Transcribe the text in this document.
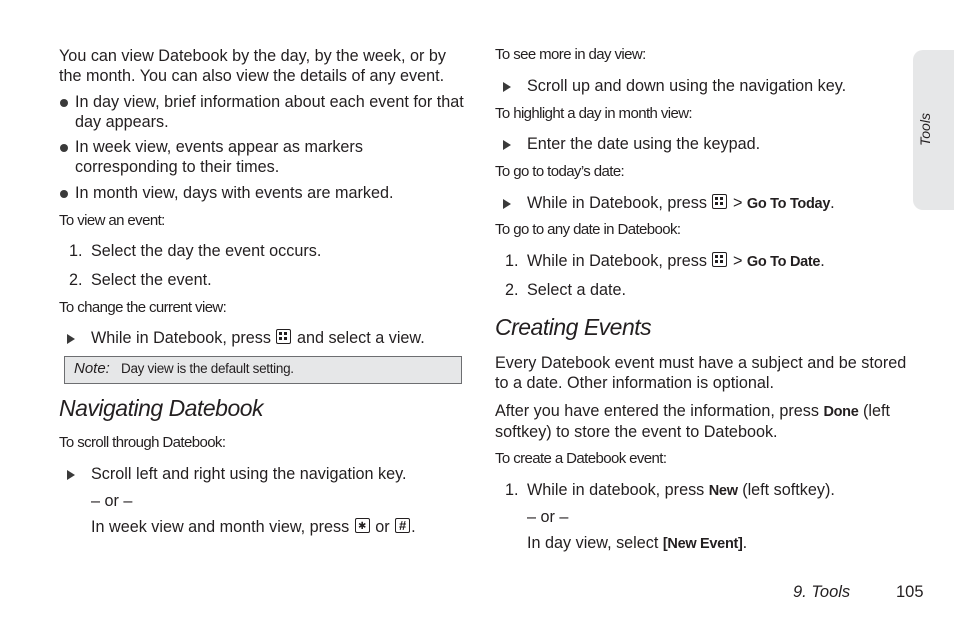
You can view Datebook by the day, by the week, or by the month. You can also view the details of any event.

In day view, brief information about each event for that day appears.
In week view, events appear as markers corresponding to their times.
In month view, days with events are marked.
To view an event:
1. Select the day the event occurs.
2. Select the event.
To change the current view:
While in Datebook, press and select a view.
Note: Day view is the default setting.
Navigating Datebook
To scroll through Datebook:
Scroll left and right using the navigation key.
– or –
In week view and month view, press ✱ or # .
To see more in day view:
Scroll up and down using the navigation key.
To highlight a day in month view:
Enter the date using the keypad.
To go to today’s date:
While in Datebook, press > Go To Today.
To go to any date in Datebook:
1. While in Datebook, press > Go To Date.
2. Select a date.
Creating Events

Every Datebook event must have a subject and be stored to a date. Other information is optional.

After you have entered the information, press Done (left softkey) to store the event to Datebook.

To create a Datebook event:
1. While in datebook, press New (left softkey).
– or –
In day view, select [New Event].
Tools
9. Tools	105
